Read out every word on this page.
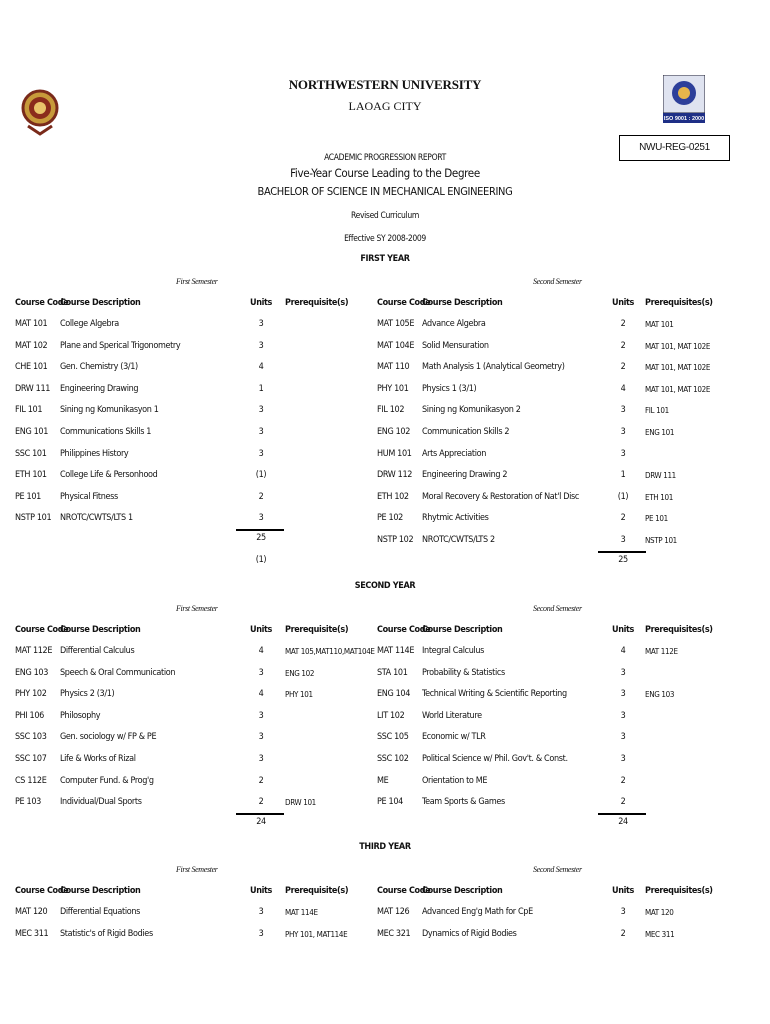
ISO 9001 : 2000
NORTHWESTERN UNIVERSITY
LAOAG CITY
NWU-REG-0251
ACADEMIC PROGRESSION REPORT
Five-Year Course Leading to the Degree
BACHELOR OF SCIENCE IN MECHANICAL ENGINEERING
Revised Curriculum
Effective SY 2008-2009
FIRST YEAR
First Semester	Second Semester
Course Code
Course Description	Units Prerequisite(s)
MAT 101 College Algebra	3
MAT 102 Plane and Sperical Trigonometry	3
CHE 101 Gen. Chemistry (3/1)	4
DRW 111 Engineering Drawing	1
FIL 101 Sining ng Komunikasyon 1	3
ENG 101 Communications Skills 1	3
SSC 101 Philippines History	3
ETH 101 College Life & Personhood	(1)
PE 101 Physical Fitness	2
NSTP 101 NROTC/CWTS/LTS 1	3
25
(1)
Course Code
Course Description	Units Prerequisites(s)
MAT 105E Advance Algebra	2	MAT 101
MAT 104E Solid Mensuration	2	MAT 101, MAT 102E
MAT 110 Math Analysis 1 (Analytical Geometry)	2	MAT 101, MAT 102E
PHY 101 Physics 1 (3/1)	4	MAT 101, MAT 102E
FIL 102 Sining ng Komunikasyon 2	3	FIL 101
ENG 102 Communication Skills 2	3	ENG 101
HUM 101 Arts Appreciation	3
DRW 112 Engineering Drawing 2	1	DRW 111
ETH 102 Moral Recovery & Restoration of Nat'l Disc	(1)	ETH 101
PE 102 Rhytmic Activities	2	PE 101
NSTP 102 NROTC/CWTS/LTS 2	3	NSTP 101
25
SECOND YEAR
First Semester	Second Semester
Course Code
Course Description	Units Prerequisite(s)
MAT 112E Differential Calculus	4	MAT 105,MAT110,MAT104E
ENG 103 Speech & Oral Communication	3	ENG 102
PHY 102 Physics 2 (3/1)	4	PHY 101
PHI 106 Philosophy	3
SSC 103 Gen. sociology w/ FP & PE	3
SSC 107 Life & Works of Rizal	3
CS 112E Computer Fund. & Prog'g	2
PE 103 Individual/Dual Sports	2	DRW 101
24
Course Code
Course Description	Units Prerequisites(s)
MAT 114E Integral Calculus	4	MAT 112E
STA 101 Probability & Statistics	3
ENG 104 Technical Writing & Scientific Reporting	3	ENG 103
LIT 102 World Literature	3
SSC 105 Economic w/ TLR	3
SSC 102 Political Science w/ Phil. Gov't. & Const.	3
ME	Orientation to ME	2
PE 104 Team Sports & Games	2
24
THIRD YEAR
First Semester	Second Semester
Course Code
Course Description	Units Prerequisite(s)
MAT 120 Differential Equations	3	MAT 114E
MEC 311 Statistic's of Rigid Bodies	3	PHY 101, MAT114E
Course Code
Course Description	Units Prerequisites(s)
MAT 126 Advanced Eng'g Math for CpE	3	MAT 120
MEC 321 Dynamics of Rigid Bodies	2	MEC 311
